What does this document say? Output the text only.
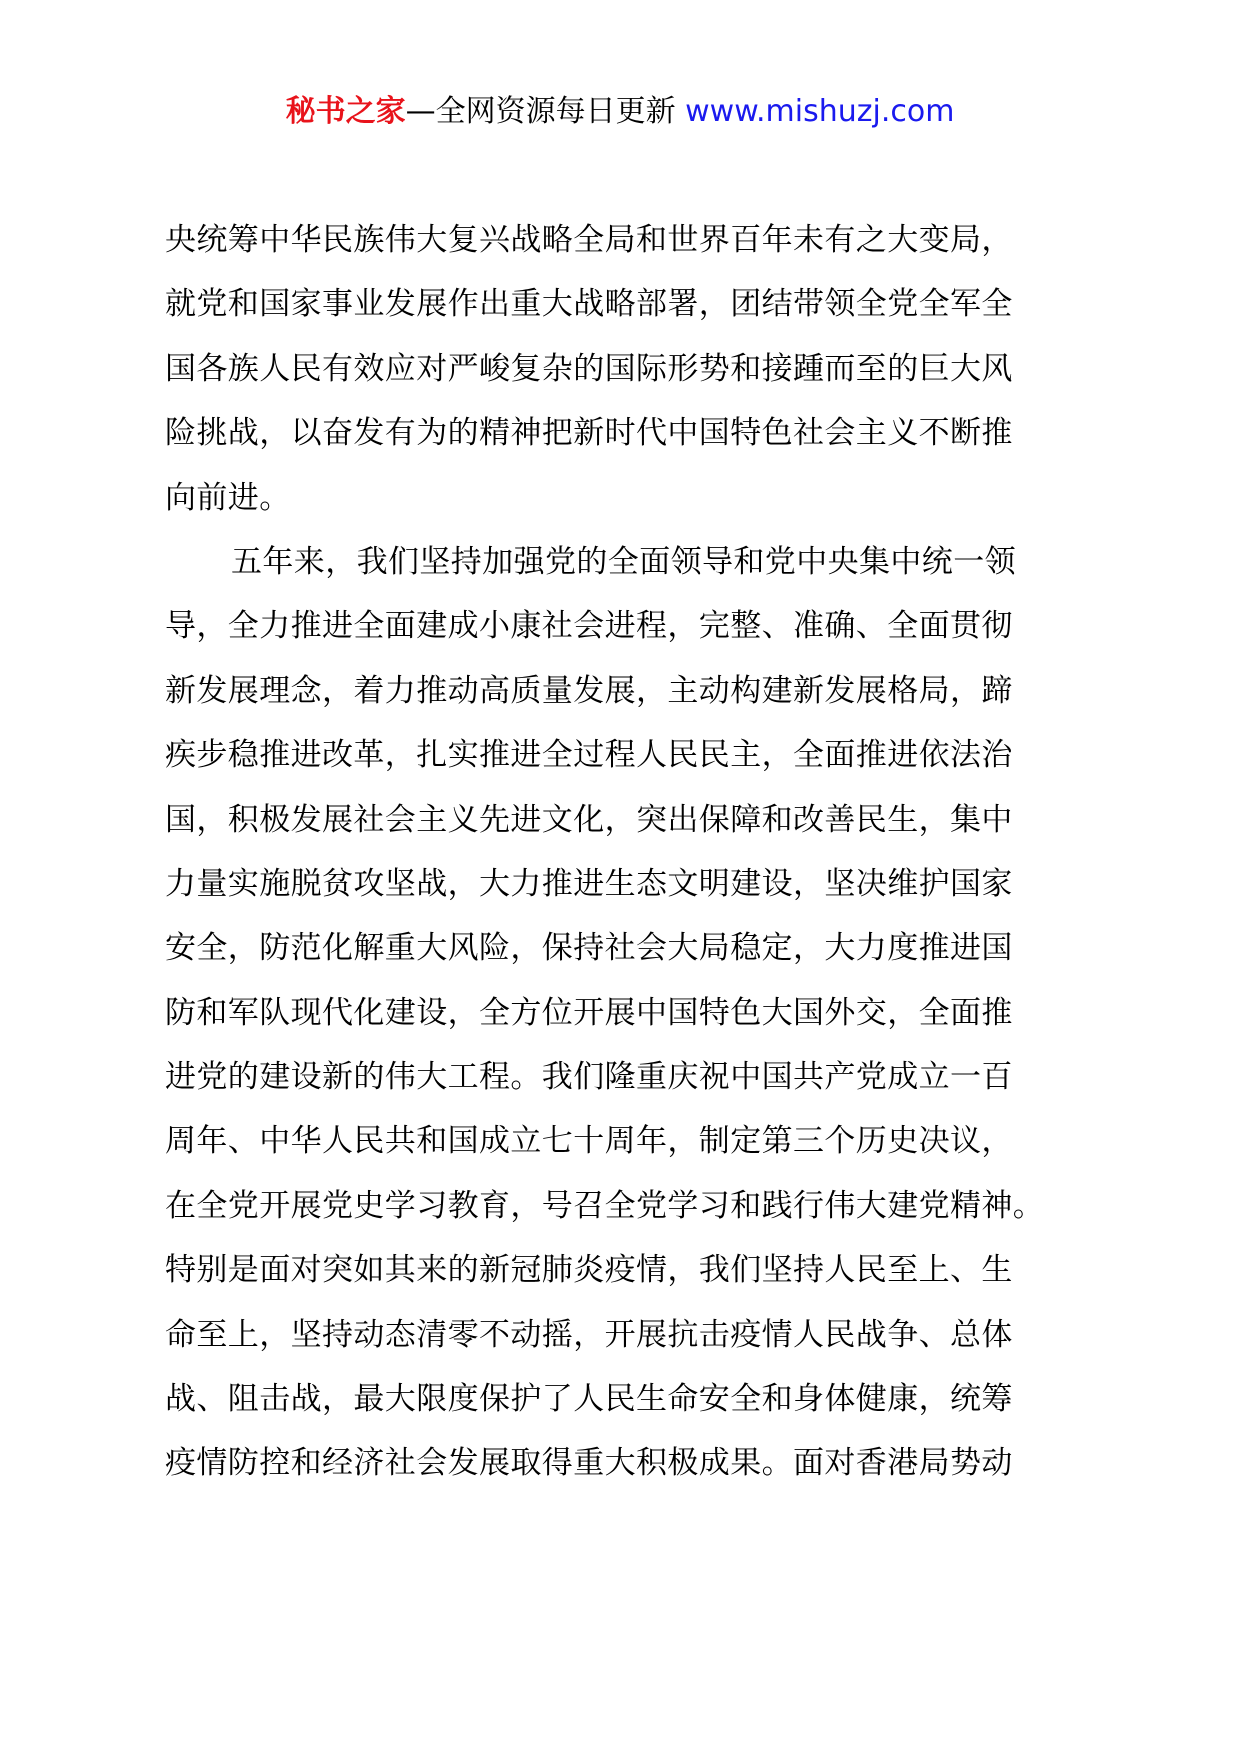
秘书之家—全网资源每日更新 www.mishuzj.com
央统筹中华民族伟大复兴战略全局和世界百年未有之大变局，
就党和国家事业发展作出重大战略部署，团结带领全党全军全
国各族人民有效应对严峻复杂的国际形势和接踵而至的巨大风
险挑战，以奋发有为的精神把新时代中国特色社会主义不断推
向前进。
五年来，我们坚持加强党的全面领导和党中央集中统一领
导，全力推进全面建成小康社会进程，完整、准确、全面贯彻
新发展理念，着力推动高质量发展，主动构建新发展格局，蹄
疾步稳推进改革，扎实推进全过程人民民主，全面推进依法治
国，积极发展社会主义先进文化，突出保障和改善民生，集中
力量实施脱贫攻坚战，大力推进生态文明建设，坚决维护国家
安全，防范化解重大风险，保持社会大局稳定，大力度推进国
防和军队现代化建设，全方位开展中国特色大国外交，全面推
进党的建设新的伟大工程。我们隆重庆祝中国共产党成立一百
周年、中华人民共和国成立七十周年，制定第三个历史决议，
在全党开展党史学习教育，号召全党学习和践行伟大建党精神。
特别是面对突如其来的新冠肺炎疫情，我们坚持人民至上、生
命至上，坚持动态清零不动摇，开展抗击疫情人民战争、总体
战、阻击战，最大限度保护了人民生命安全和身体健康，统筹
疫情防控和经济社会发展取得重大积极成果。面对香港局势动
